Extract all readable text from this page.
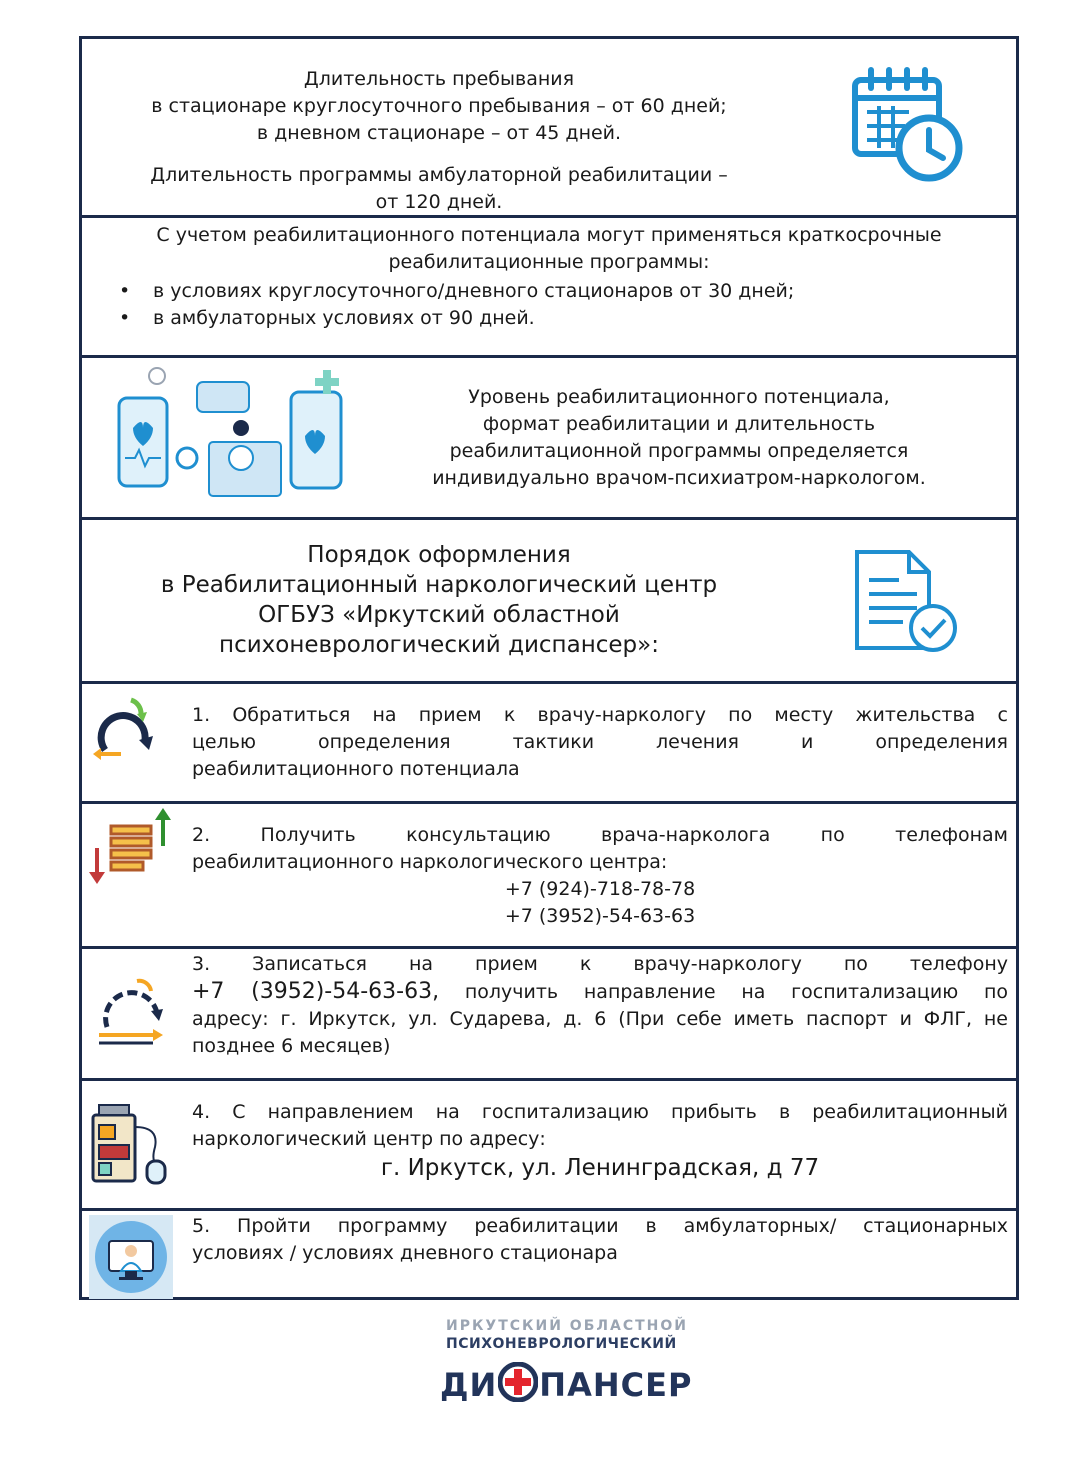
Длительность пребывания
в стационаре круглосуточного пребывания – от 60 дней;
в дневном стационаре – от 45 дней.
Длительность программы амбулаторной реабилитации –
от 120 дней.
С учетом реабилитационного потенциала могут применяться краткосрочные
реабилитационные программы:
• в условиях круглосуточного/дневного стационаров от 30 дней;
• в амбулаторных условиях от 90 дней.
Уровень реабилитационного потенциала,
формат реабилитации и длительность
реабилитационной программы определяется
индивидуально врачом-психиатром-наркологом.
Порядок оформления
в Реабилитационный наркологический центр
ОГБУЗ «Иркутский областной
психоневрологический диспансер»:
1. Обратиться на прием к врачу-наркологу по месту жительства с
целью определения тактики лечения и определения
реабилитационного потенциала
2. Получить консультацию врача-нарколога по телефонам
реабилитационного наркологического центра:
+7 (924)-718-78-78
+7 (3952)-54-63-63
3. Записаться на прием к врачу-наркологу по телефону
+7 (3952)-54-63-63, получить направление на госпитализацию по
адресу: г. Иркутск, ул. Сударева, д. 6 (При себе иметь паспорт и ФЛГ, не
позднее 6 месяцев)
4. С направлением на госпитализацию прибыть в реабилитационный
наркологический центр по адресу:
г. Иркутск, ул. Ленинградская, д 77
5. Пройти программу реабилитации в амбулаторных/ стационарных
условиях / условиях дневного стационара
ИРКУТСКИЙ ОБЛАСТНОЙ
ПСИХОНЕВРОЛОГИЧЕСКИЙ
ДИ ПАНСЕР
